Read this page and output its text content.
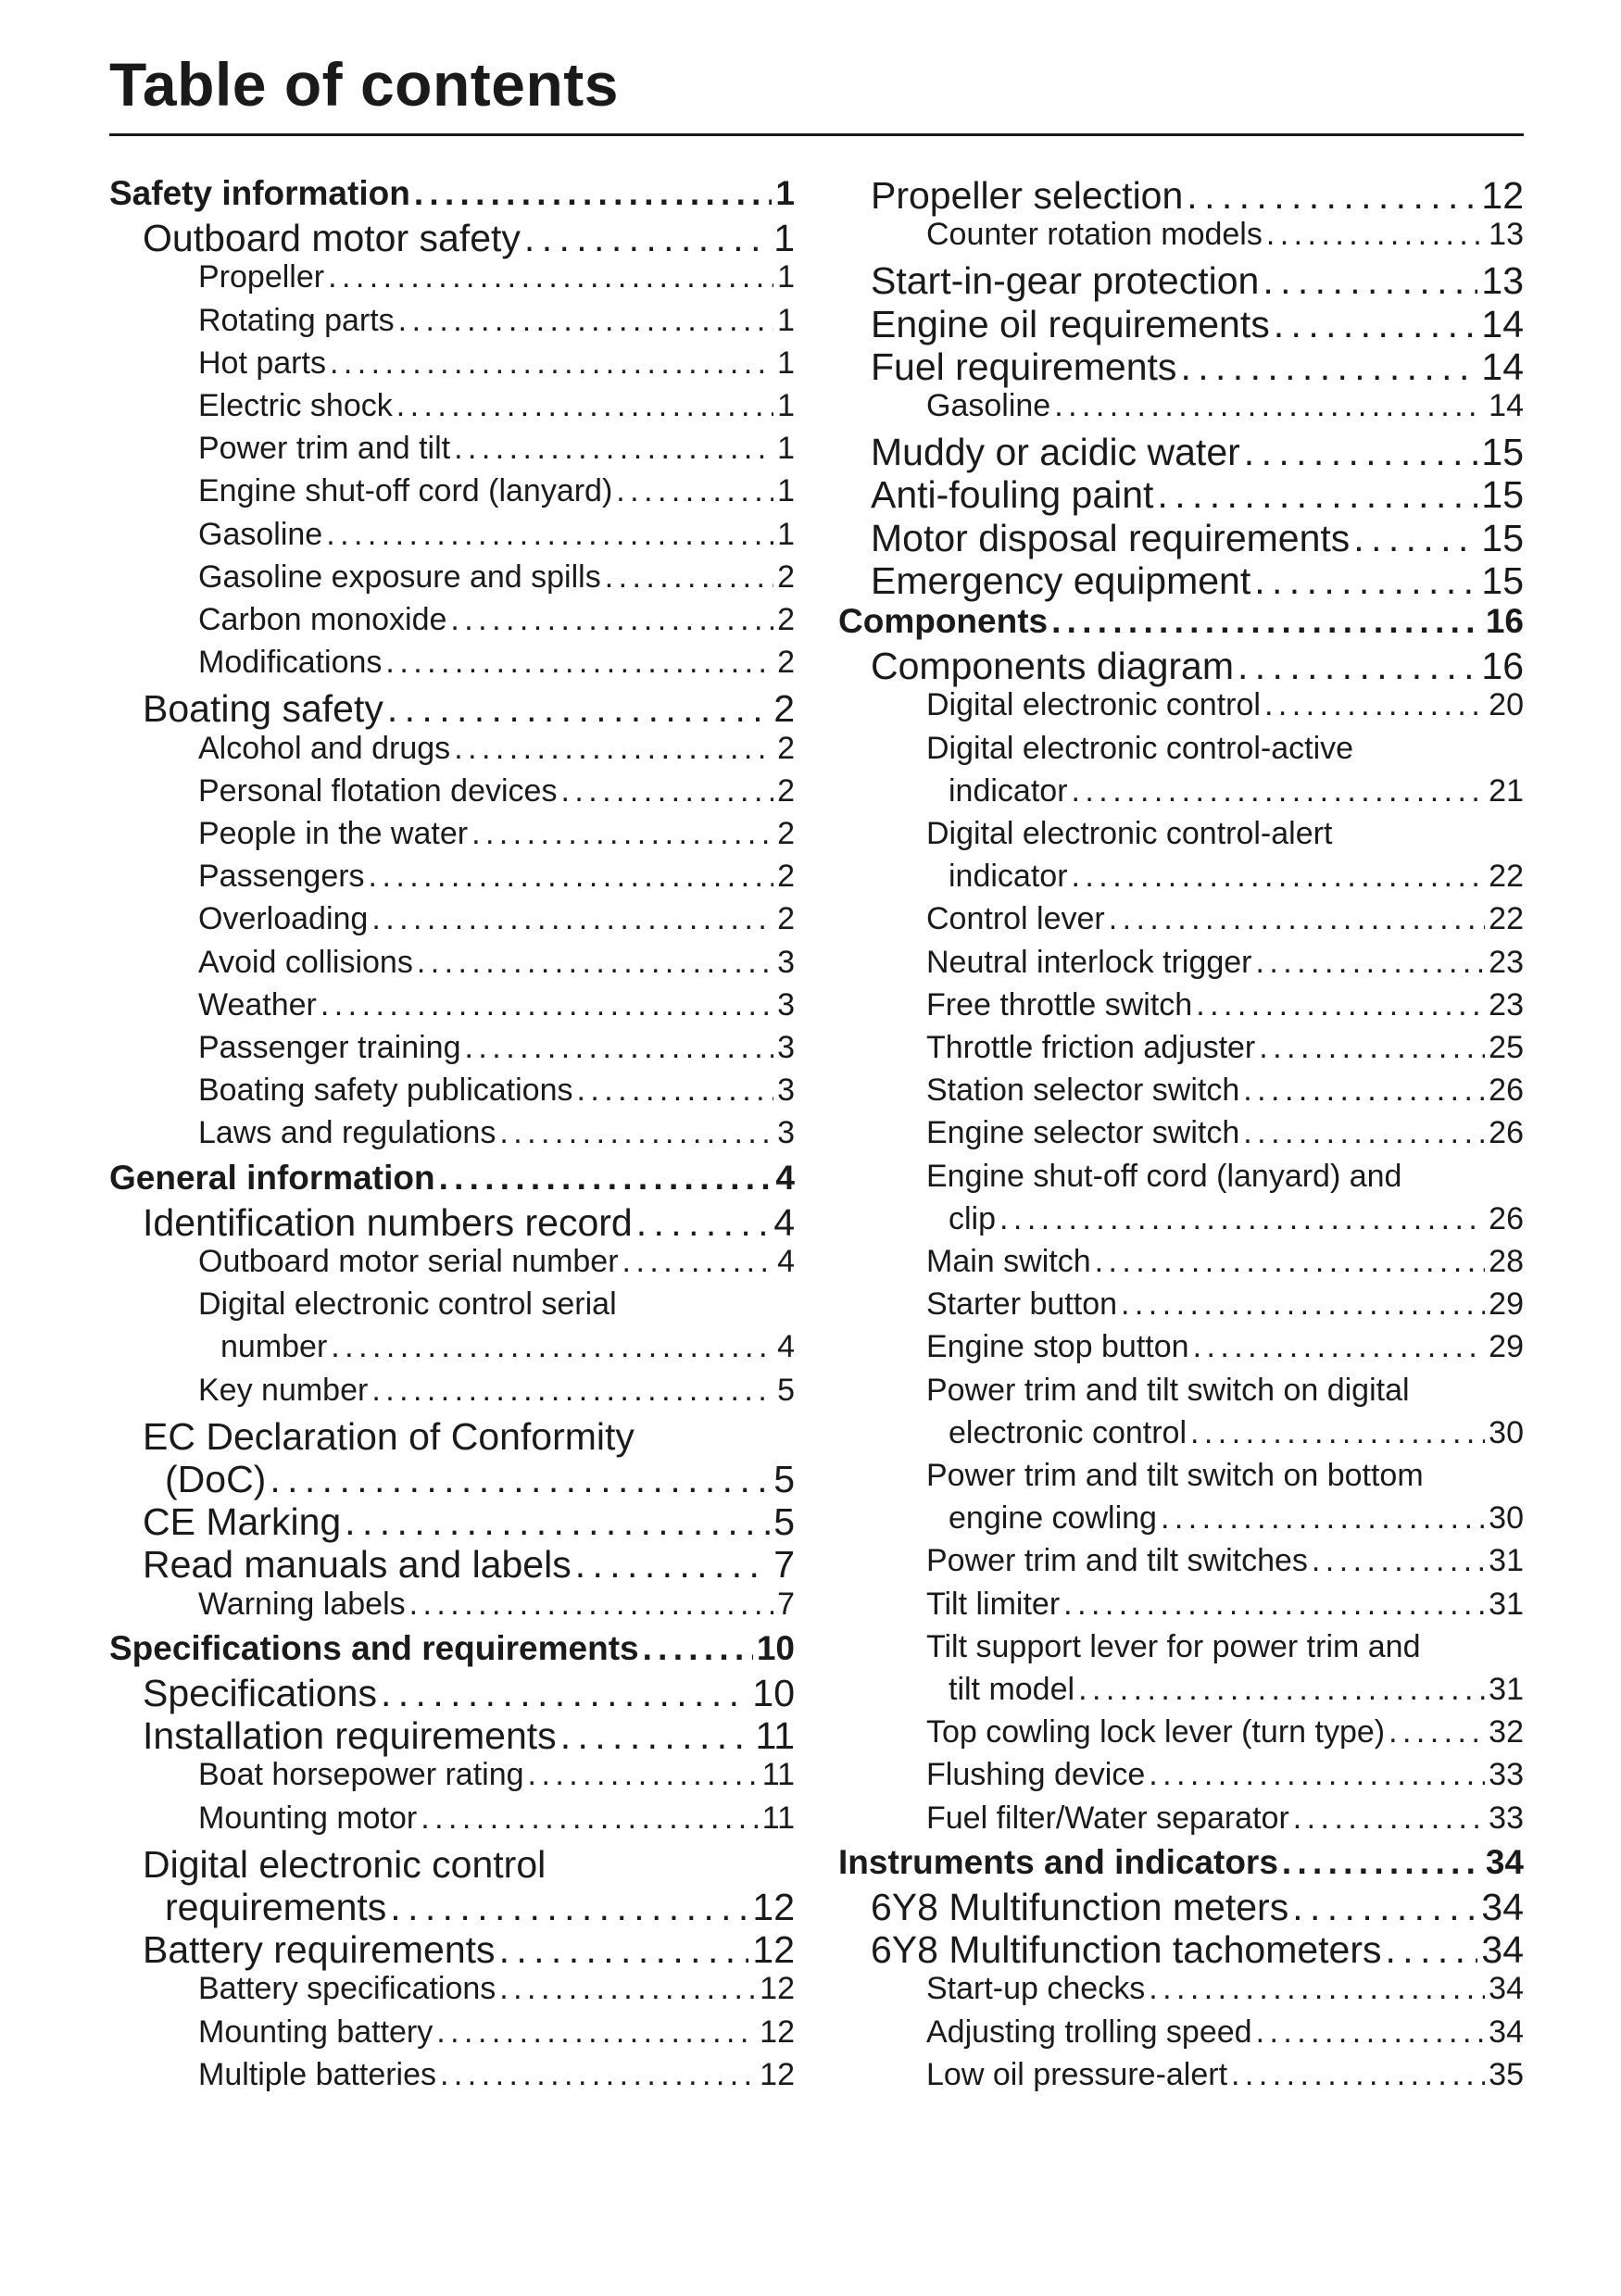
Table of contents
Safety information . . .	1
Outboard motor safety . . .	1
Propeller . . .	1
Rotating parts . . .	1
Hot parts . . .	1
Electric shock . . .	1
Power trim and tilt . . .	1
Engine shut-off cord (lanyard) . . .	1
Gasoline . . .	1
Gasoline exposure and spills . . .	2
Carbon monoxide . . .	2
Modifications . . .	2
Boating safety . . .	2
Alcohol and drugs . . .	2
Personal flotation devices . . .	2
People in the water . . .	2
Passengers . . .	2
Overloading . . .	2
Avoid collisions . . .	3
Weather . . .	3
Passenger training . . .	3
Boating safety publications . . .	3
Laws and regulations . . .	3
General information . . .	4
Identification numbers record . . .	4
Outboard motor serial number . . .	4
Digital electronic control serial
number . . .	4
Key number . . .	5
EC Declaration of Conformity
(DoC) . . .	5
CE Marking . . .	5
Read manuals and labels . . .	7
Warning labels . . .	7
Specifications and requirements . . .	10
Specifications . . .	10
Installation requirements . . .	11
Boat horsepower rating . . .	11
Mounting motor . . .	11
Digital electronic control
requirements . . .	12
Battery requirements . . .	12
Battery specifications . . .	12
Mounting battery . . .	12
Multiple batteries . . .	12
Propeller selection . . .	12
Counter rotation models . . .	13
Start-in-gear protection . . .	13
Engine oil requirements . . .	14
Fuel requirements . . .	14
Gasoline . . .	14
Muddy or acidic water . . .	15
Anti-fouling paint . . .	15
Motor disposal requirements . . .	15
Emergency equipment . . .	15
Components . . .	16
Components diagram . . .	16
Digital electronic control . . .	20
Digital electronic control-active
indicator . . .	21
Digital electronic control-alert
indicator . . .	22
Control lever . . .	22
Neutral interlock trigger . . .	23
Free throttle switch . . .	23
Throttle friction adjuster . . .	25
Station selector switch . . .	26
Engine selector switch . . .	26
Engine shut-off cord (lanyard) and
clip . . .	26
Main switch . . .	28
Starter button . . .	29
Engine stop button . . .	29
Power trim and tilt switch on digital
electronic control . . .	30
Power trim and tilt switch on bottom
engine cowling . . .	30
Power trim and tilt switches . . .	31
Tilt limiter . . .	31
Tilt support lever for power trim and
tilt model . . .	31
Top cowling lock lever (turn type) . . .	32
Flushing device . . .	33
Fuel filter/Water separator . . .	33
Instruments and indicators . . .	34
6Y8 Multifunction meters . . .	34
6Y8 Multifunction tachometers . . .	34
Start-up checks . . .	34
Adjusting trolling speed . . .	34
Low oil pressure-alert . . .	35
